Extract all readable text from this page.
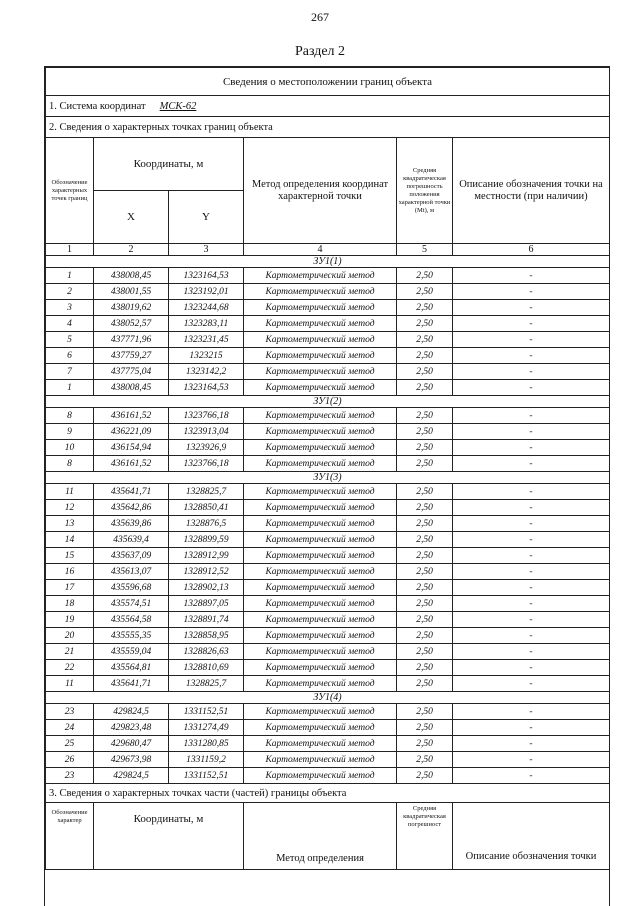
267
Раздел 2
Сведения о местоположении границ объекта					
1. Система координат МСК-62					
2. Сведения о характерных точках границ объекта					
Обозначение характерных точек границ	Координаты, м		Метод определения координат характерной точки	Средняя квадратическая погрешность положения характерной точки (Mt), м	Описание обозначения точки на местности (при наличии)
	X	Y			
1	2	3	4	5	6
ЗУ1(1)					
1	438008,45	1323164,53	Картометрический метод	2,50	-
2	438001,55	1323192,01	Картометрический метод	2,50	-
3	438019,62	1323244,68	Картометрический метод	2,50	-
4	438052,57	1323283,11	Картометрический метод	2,50	-
5	437771,96	1323231,45	Картометрический метод	2,50	-
6	437759,27	1323215	Картометрический метод	2,50	-
7	437775,04	1323142,2	Картометрический метод	2,50	-
1	438008,45	1323164,53	Картометрический метод	2,50	-
ЗУ1(2)					
8	436161,52	1323766,18	Картометрический метод	2,50	-
9	436221,09	1323913,04	Картометрический метод	2,50	-
10	436154,94	1323926,9	Картометрический метод	2,50	-
8	436161,52	1323766,18	Картометрический метод	2,50	-
ЗУ1(3)					
11	435641,71	1328825,7	Картометрический метод	2,50	-
12	435642,86	1328850,41	Картометрический метод	2,50	-
13	435639,86	1328876,5	Картометрический метод	2,50	-
14	435639,4	1328899,59	Картометрический метод	2,50	-
15	435637,09	1328912,99	Картометрический метод	2,50	-
16	435613,07	1328912,52	Картометрический метод	2,50	-
17	435596,68	1328902,13	Картометрический метод	2,50	-
18	435574,51	1328897,05	Картометрический метод	2,50	-
19	435564,58	1328891,74	Картометрический метод	2,50	-
20	435555,35	1328858,95	Картометрический метод	2,50	-
21	435559,04	1328826,63	Картометрический метод	2,50	-
22	435564,81	1328810,69	Картометрический метод	2,50	-
11	435641,71	1328825,7	Картометрический метод	2,50	-
ЗУ1(4)					
23	429824,5	1331152,51	Картометрический метод	2,50	-
24	429823,48	1331274,49	Картометрический метод	2,50	-
25	429680,47	1331280,85	Картометрический метод	2,50	-
26	429673,98	1331159,2	Картометрический метод	2,50	-
23	429824,5	1331152,51	Картометрический метод	2,50	-
3. Сведения о характерных точках части (частей) границы объекта					
Обозначение характер	Координаты, м		Метод определения	Средняя квадратическая погрешност	Описание обозначения точки
